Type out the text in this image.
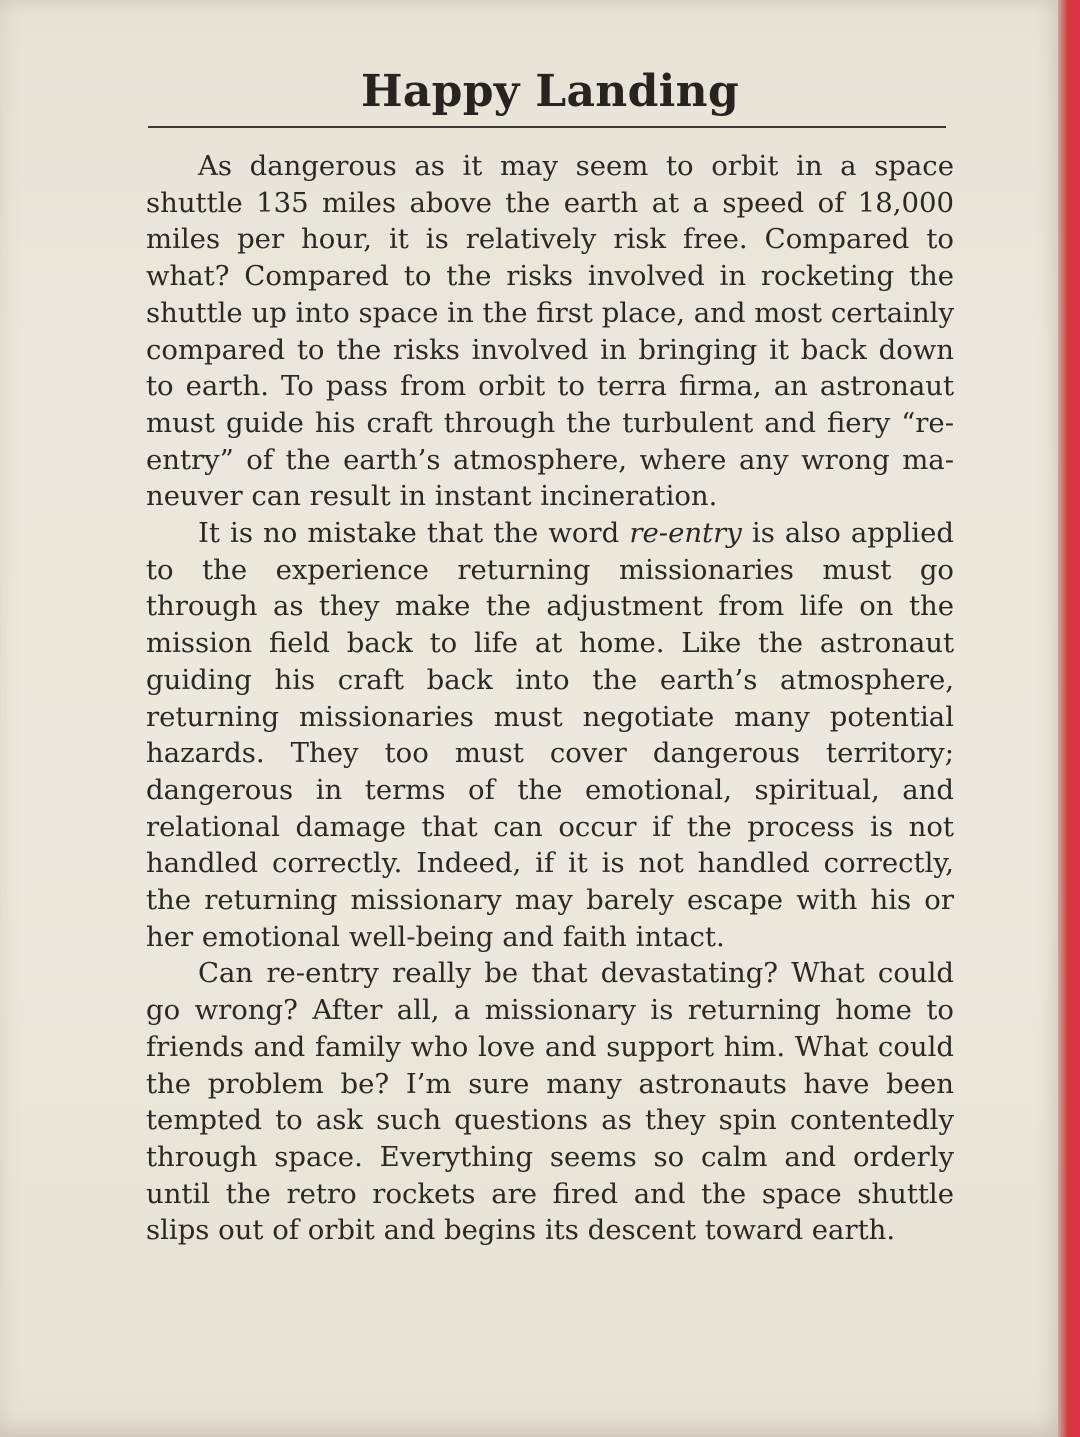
Happy Landing

As dangerous as it may seem to orbit in a space shuttle 135 miles above the earth at a speed of 18,000 miles per hour, it is relatively risk free. Compared to what? Compared to the risks involved in rocketing the shuttle up into space in the first place, and most certainly compared to the risks involved in bringing it back down to earth. To pass from orbit to terra firma, an astronaut must guide his craft through the turbulent and fiery “re-entry” of the earth’s atmosphere, where any wrong maneuver can result in instant incineration.

It is no mistake that the word re-entry is also applied to the experience returning missionaries must go through as they make the adjustment from life on the mission field back to life at home. Like the astronaut guiding his craft back into the earth’s atmosphere, returning missionaries must negotiate many potential hazards. They too must cover dangerous territory; dangerous in terms of the emotional, spiritual, and relational damage that can occur if the process is not handled correctly. Indeed, if it is not handled correctly, the returning missionary may barely escape with his or her emotional well-being and faith intact.

Can re-entry really be that devastating? What could go wrong? After all, a missionary is returning home to friends and family who love and support him. What could the problem be? I’m sure many astronauts have been tempted to ask such questions as they spin contentedly through space. Everything seems so calm and orderly until the retro rockets are fired and the space shuttle slips out of orbit and begins its descent toward earth.
